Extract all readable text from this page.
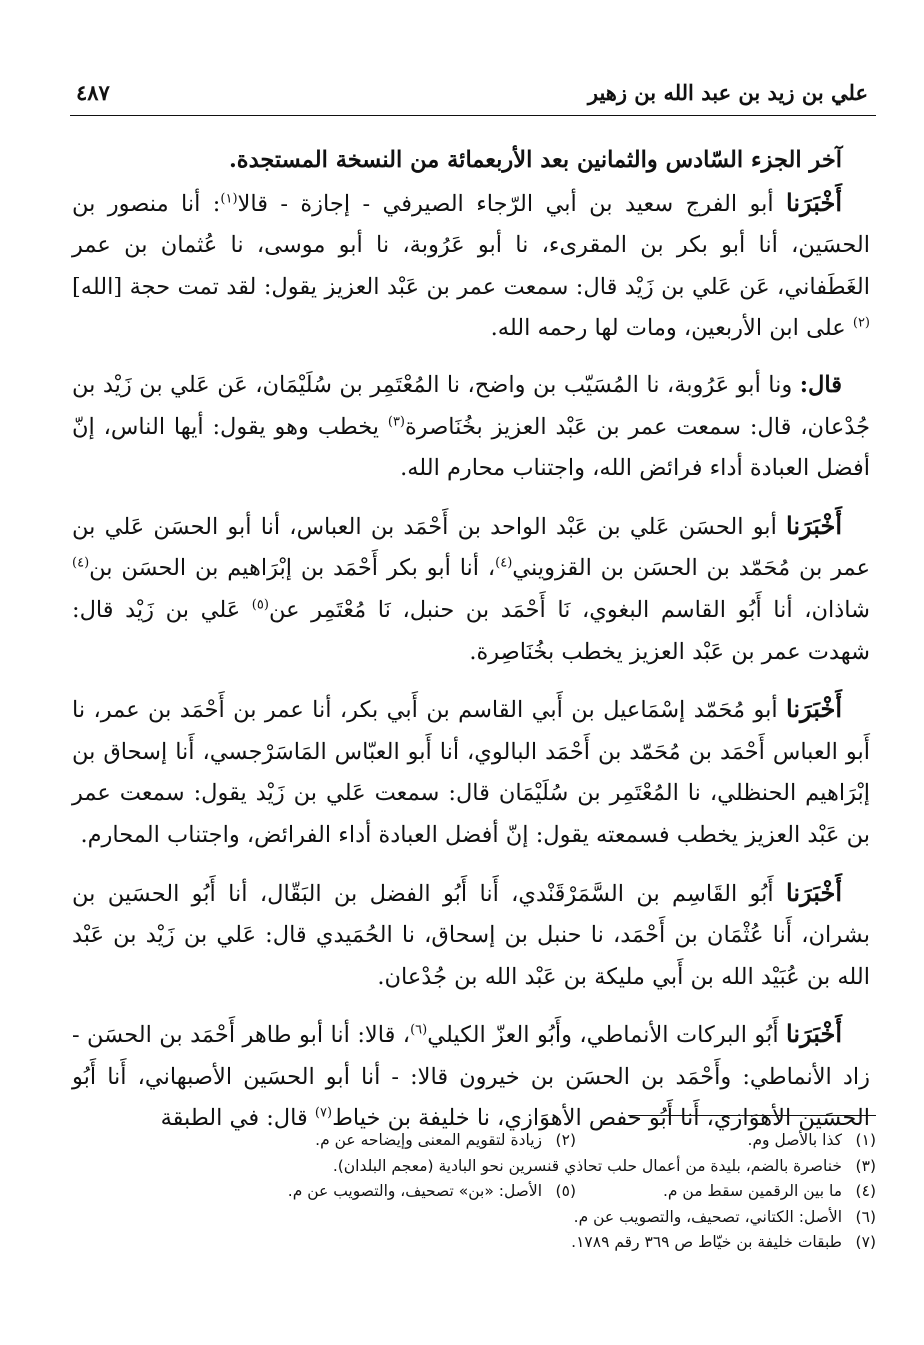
علي بن زيد بن عبد الله بن زهير
٤٨٧

آخر الجزء السّادس والثمانين بعد الأربعمائة من النسخة المستجدة.

أَخْبَرَنا أبو الفرج سعيد بن أبي الرّجاء الصيرفي - إجازة - قالا$^{(١)}$: أنا منصور بن الحسَين، أنا أبو بكر بن المقرىء، نا أبو عَرُوبة، نا أبو موسى، نا عُثمان بن عمر الغَطَفاني، عَن عَلي بن زَيْد قال: سمعت عمر بن عَبْد العزيز يقول: لقد تمت حجة [الله]$^{(٢)}$ على ابن الأربعين، ومات لها رحمه الله.

قال: ونا أبو عَرُوبة، نا المُسَيّب بن واضح، نا المُعْتَمِر بن سُلَيْمَان، عَن عَلي بن زَيْد بن جُدْعان، قال: سمعت عمر بن عَبْد العزيز بخُنَاصرة$^{(٣)}$ يخطب وهو يقول: أيها الناس، إنّ أفضل العبادة أداء فرائض الله، واجتناب محارم الله.

أَخْبَرَنا أبو الحسَن عَلي بن عَبْد الواحد بن أَحْمَد بن العباس، أنا أبو الحسَن عَلي بن عمر بن مُحَمّد بن الحسَن بن القزويني$^{(٤)}$، أنا أبو بكر أَحْمَد بن إبْرَاهيم بن الحسَن بن$^{(٤)}$ شاذان، أنا أَبُو القاسم البغوي، نَا أَحْمَد بن حنبل، نَا مُعْتَمِر عن$^{(٥)}$ عَلي بن زَيْد قال: شهدت عمر بن عَبْد العزيز يخطب بخُنَاصِرة.

أَخْبَرَنا أبو مُحَمّد إسْمَاعيل بن أَبي القاسم بن أَبي بكر، أنا عمر بن أَحْمَد بن عمر، نا أَبو العباس أَحْمَد بن مُحَمّد بن أَحْمَد البالوي، أنا أَبو العبّاس المَاسَرْجسي، أَنا إسحاق بن إبْرَاهيم الحنظلي، نا المُعْتَمِر بن سُلَيْمَان قال: سمعت عَلي بن زَيْد يقول: سمعت عمر بن عَبْد العزيز يخطب فسمعته يقول: إنّ أفضل العبادة أداء الفرائض، واجتناب المحارم.

أَخْبَرَنا أَبُو القَاسِم بن السَّمَرْقَنْدي، أَنا أَبُو الفضل بن البَقّال، أنا أَبُو الحسَين بن بشران، أَنا عُثْمَان بن أَحْمَد، نا حنبل بن إسحاق، نا الحُمَيدي قال: عَلي بن زَيْد بن عَبْد الله بن عُبَيْد الله بن أَبي مليكة بن عَبْد الله بن جُدْعان.

أَخْبَرَنا أَبُو البركات الأنماطي، وأَبُو العزّ الكيلي$^{(٦)}$، قالا: أنا أبو طاهر أَحْمَد بن الحسَن - زاد الأنماطي: وأَحْمَد بن الحسَن بن خيرون قالا: - أنا أبو الحسَين الأصبهاني، أَنا أَبُو الحسَين الأهوَازي، أَنا أَبُو حفص الأهوَازي، نا خليفة بن خياط$^{(٧)}$ قال: في الطبقة

(١)كذا بالأصل وم.(٢)زيادة لتقويم المعنى وإيضاحه عن م.
(٣)خناصرة بالضم، بليدة من أعمال حلب تحاذي قنسرين نحو البادية (معجم البلدان).
(٤)ما بين الرقمين سقط من م.(٥)الأصل: «بن» تصحيف، والتصويب عن م.
(٦)الأصل: الكتاني، تصحيف، والتصويب عن م.
(٧)طبقات خليفة بن خيّاط ص ٣٦٩ رقم ١٧٨٩.
